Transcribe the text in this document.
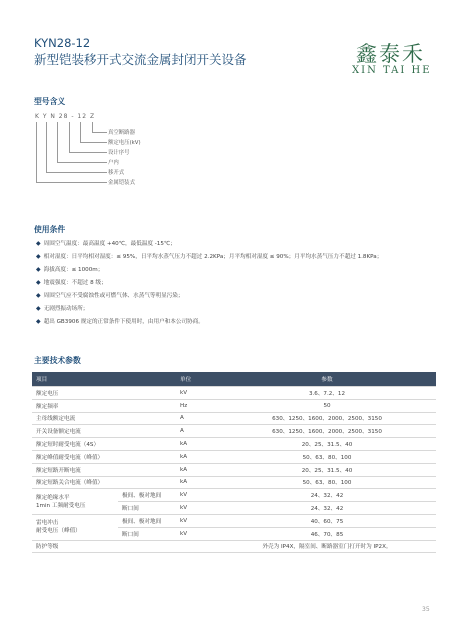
KYN28-12
新型铠装移开式交流金属封闭开关设备	鑫泰禾
XIN TAI HE
型号含义
K Y N 28 - 12 Z
真空断路器
额定电压(kV)
设计序号
户内
移开式
金属铠装式
使用条件
◆ 周围空气温度：最高温度 +40℃，最低温度 -15℃；
◆ 相对湿度：日平均相对湿度：≤ 95%，日平均水蒸气压力不超过 2.2KPa；月平均相对湿度 ≤ 90%；月平均水蒸气压力不超过 1.8KPa；
◆ 海拔高度：≤ 1000m；
◆ 地震强度：不超过 8 级；
◆ 周围空气应不受腐蚀性或可燃气体、水蒸气等明显污染；
◆ 无剧烈振动场所；
◆ 超出 GB3906 规定的正常条件下使用时，由用户和本公司协商。
主要技术参数
项目		单位	参数
额定电压		kV	3.6、7.2、12
额定频率		Hz	50
主母线额定电流		A	630、1250、1600、2000、2500、3150
开关设备额定电流		A	630、1250、1600、2000、2500、3150
额定短时耐受电流（4S）		kA	20、25、31.5、40
额定峰值耐受电流（峰值）		kA	50、63、80、100
额定短路开断电流		kA	20、25、31.5、40
额定短路关合电流（峰值）		kA	50、63、80、100
额定绝缘水平
1min 工频耐受电压	极间、极对地间	kV	24、32、42
	断口间	kV	24、32、42
雷电冲击
耐受电压（峰值）	极间、极对地间	kV	40、60、75
	断口间	kV	46、70、85
防护等级			外壳为 IP4X，隔室间、断路器室门打开时为 IP2X。
35
